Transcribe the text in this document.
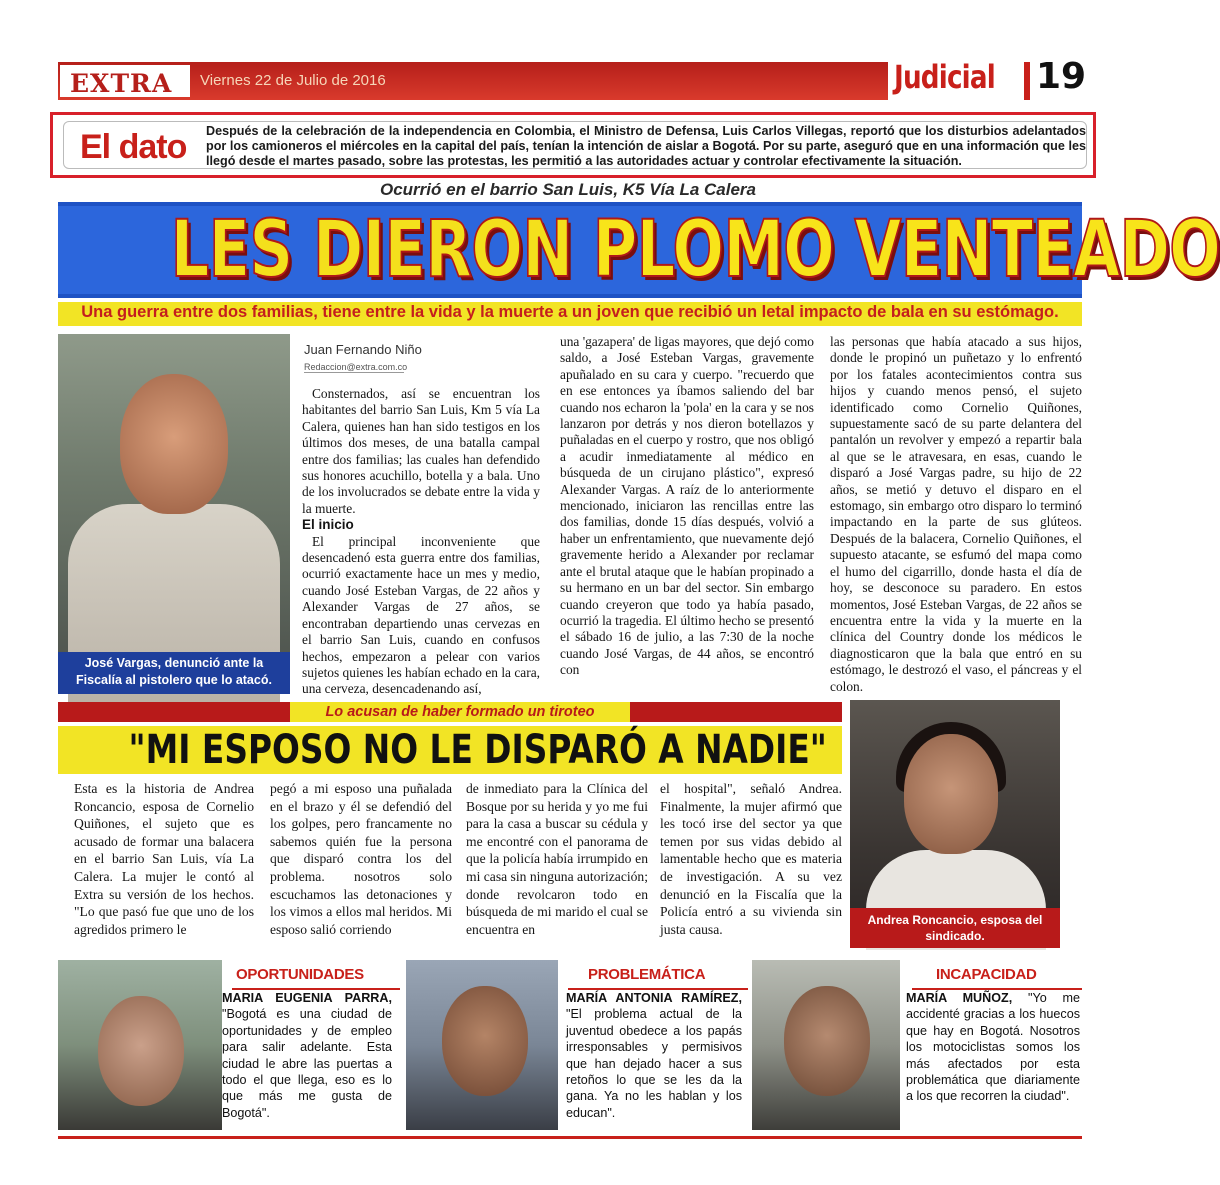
EXTRA Viernes 22 de Julio de 2016	Judicial 19
El dato Después de la celebración de la independencia en Colombia, el Ministro de Defensa, Luis Carlos Villegas, reportó que los disturbios adelantados por los camioneros el miércoles en la capital del país, tenían la intención de aislar a Bogotá. Por su parte, aseguró que en una información que les llegó desde el martes pasado, sobre las protestas, les permitió a las autoridades actuar y controlar efectivamente la situación.
Ocurrió en el barrio San Luis, K5 Vía La Calera
LES DIERON PLOMO VENTEADO
Una guerra entre dos familias, tiene entre la vida y la muerte a un joven que recibió un letal impacto de bala en su estómago.
José Vargas, denunció ante la Fiscalía al pistolero que lo atacó.
Juan Fernando Niño
Redaccion@extra.com.co

Consternados, así se encuentran los habitantes del barrio San Luis, Km 5 vía La Calera, quienes han han sido testigos en los últimos dos meses, de una batalla campal entre dos familias; las cuales han defendido sus honores acuchillo, botella y a bala. Uno de los involucrados se debate entre la vida y la muerte.

El inicio

El principal inconveniente que desencadenó esta guerra entre dos familias, ocurrió exactamente hace un mes y medio, cuando José Esteban Vargas, de 22 años y Alexander Vargas de 27 años, se encontraban departiendo unas cervezas en el barrio San Luis, cuando en confusos hechos, empezaron a pelear con varios sujetos quienes les habían echado en la cara, una cerveza, desencadenando así,

una 'gazapera' de ligas mayores, que dejó como saldo, a José Esteban Vargas, gravemente apuñalado en su cara y cuerpo. "recuerdo que en ese entonces ya íbamos saliendo del bar cuando nos echaron la 'pola' en la cara y se nos lanzaron por detrás y nos dieron botellazos y puñaladas en el cuerpo y rostro, que nos obligó a acudir inmediatamente al médico en búsqueda de un cirujano plástico", expresó Alexander Vargas. A raíz de lo anteriormente mencionado, iniciaron las rencillas entre las dos familias, donde 15 días después, volvió a haber un enfrentamiento, que nuevamente dejó gravemente herido a Alexander por reclamar ante el brutal ataque que le habían propinado a su hermano en un bar del sector. Sin embargo cuando creyeron que todo ya había pasado, ocurrió la tragedia. El último hecho se presentó el sábado 16 de julio, a las 7:30 de la noche cuando José Vargas, de 44 años, se encontró con

las personas que había atacado a sus hijos, donde le propinó un puñetazo y lo enfrentó por los fatales acontecimientos contra sus hijos y cuando menos pensó, el sujeto identificado como Cornelio Quiñones, supuestamente sacó de su parte delantera del pantalón un revolver y empezó a repartir bala al que se le atravesara, en esas, cuando le disparó a José Vargas padre, su hijo de 22 años, se metió y detuvo el disparo en el estomago, sin embargo otro disparo lo terminó impactando en la parte de sus glúteos. Después de la balacera, Cornelio Quiñones, el supuesto atacante, se esfumó del mapa como el humo del cigarrillo, donde hasta el día de hoy, se desconoce su paradero. En estos momentos, José Esteban Vargas, de 22 años se encuentra entre la vida y la muerte en la clínica del Country donde los médicos le diagnosticaron que la bala que entró en su estómago, le destrozó el vaso, el páncreas y el colon.

Lo acusan de haber formado un tiroteo
"MI ESPOSO NO LE DISPARÓ A NADIE"

Esta es la historia de Andrea Roncancio, esposa de Cornelio Quiñones, el sujeto que es acusado de formar una balacera en el barrio San Luis, vía La Calera. La mujer le contó al Extra su versión de los hechos. "Lo que pasó fue que uno de los agredidos primero le

pegó a mi esposo una puñalada en el brazo y él se defendió del los golpes, pero francamente no sabemos quién fue la persona que disparó contra los del problema. nosotros solo escuchamos las detonaciones y los vimos a ellos mal heridos. Mi esposo salió corriendo

de inmediato para la Clínica del Bosque por su herida y yo me fui para la casa a buscar su cédula y me encontré con el panorama de que la policía había irrumpido en mi casa sin ninguna autorización; donde revolcaron todo en búsqueda de mi marido el cual se encuentra en

el hospital", señaló Andrea. Finalmente, la mujer afirmó que les tocó irse del sector ya que temen por sus vidas debido al lamentable hecho que es materia de investigación. A su vez denunció en la Fiscalía que la Policía entró a su vivienda sin justa causa.

Andrea Roncancio, esposa del sindicado.
OPORTUNIDADES
MARIA EUGENIA PARRA, "Bogotá es una ciudad de oportunidades y de empleo para salir adelante. Esta ciudad le abre las puertas a todo el que llega, eso es lo que más me gusta de Bogotá".
PROBLEMÁTICA
MARÍA ANTONIA RAMÍREZ, "El problema actual de la juventud obedece a los papás irresponsables y permisivos que han dejado hacer a sus retoños lo que se les da la gana. Ya no les hablan y los educan".
INCAPACIDAD
MARÍA MUÑOZ, "Yo me accidenté gracias a los huecos que hay en Bogotá. Nosotros los motociclistas somos los más afectados por esta problemática que diariamente a los que recorren la ciudad".
